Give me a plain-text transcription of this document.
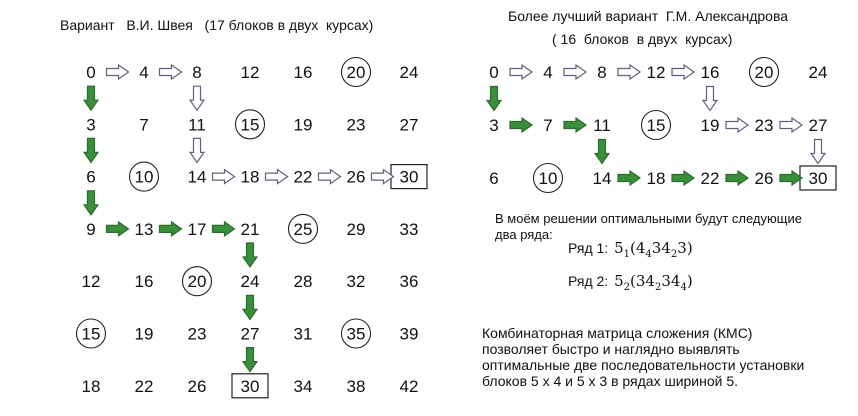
0	4	8 12 16 20 24
3	7 11 15 19 23 27
6 10 14 18 22 26 30
9 13 17 21 25 29 33
12 16 20 24 28 32 36
15 19 23 27 31 35 39
18 22 26 30 34 38 42
0	4	8 12 16 20 24
3	7 11 15 19 23 27
6 10 14 18 22 26 30
Вариант   В.И. Швея   (17 блоков в двух  курсах)
Более лучший вариант  Г.М. Александрова
( 16  блоков  в двух  курсах)
В моём решении оптимальными будут следующие
два ряда:
Ряд 1: $5_1(4_434_23)$
Ряд 2: $5_2(34_234_4)$
Комбинаторная матрица сложения (КМС)
позволяет быстро и наглядно выявлять
оптимальные две последовательности установки
блоков 5 х 4 и 5 х 3 в рядах шириной 5.
